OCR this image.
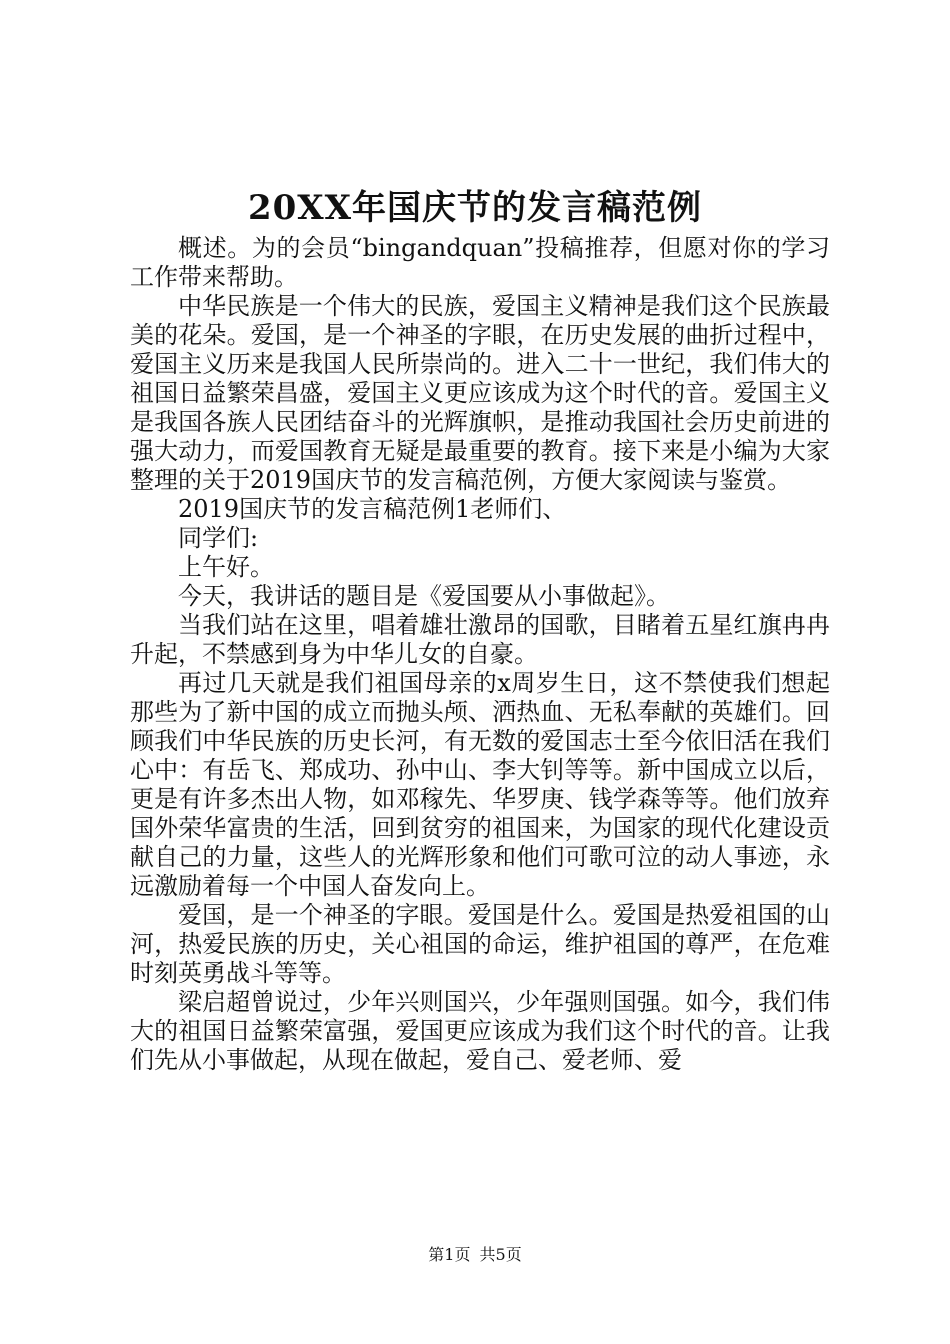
20XX年国庆节的发言稿范例

概述。为的会员“bingandquan”投稿推荐，但愿对你的学习工作带来帮助。

中华民族是一个伟大的民族，爱国主义精神是我们这个民族最美的花朵。爱国，是一个神圣的字眼，在历史发展的曲折过程中，爱国主义历来是我国人民所崇尚的。进入二十一世纪，我们伟大的祖国日益繁荣昌盛，爱国主义更应该成为这个时代的音。爱国主义是我国各族人民团结奋斗的光辉旗帜，是推动我国社会历史前进的强大动力，而爱国教育无疑是最重要的教育。接下来是小编为大家整理的关于2019国庆节的发言稿范例，方便大家阅读与鉴赏。

2019国庆节的发言稿范例1老师们、

同学们:

上午好。

今天，我讲话的题目是《爱国要从小事做起》。

当我们站在这里，唱着雄壮激昂的国歌，目睹着五星红旗冉冉升起，不禁感到身为中华儿女的自豪。

再过几天就是我们祖国母亲的x周岁生日，这不禁使我们想起那些为了新中国的成立而抛头颅、洒热血、无私奉献的英雄们。回顾我们中华民族的历史长河，有无数的爱国志士至今依旧活在我们心中：有岳飞、郑成功、孙中山、李大钊等等。新中国成立以后，更是有许多杰出人物，如邓稼先、华罗庚、钱学森等等。他们放弃国外荣华富贵的生活，回到贫穷的祖国来，为国家的现代化建设贡献自己的力量，这些人的光辉形象和他们可歌可泣的动人事迹，永远激励着每一个中国人奋发向上。

爱国，是一个神圣的字眼。爱国是什么。爱国是热爱祖国的山河，热爱民族的历史，关心祖国的命运，维护祖国的尊严，在危难时刻英勇战斗等等。

梁启超曾说过，少年兴则国兴，少年强则国强。如今，我们伟大的祖国日益繁荣富强，爱国更应该成为我们这个时代的音。让我们先从小事做起，从现在做起，爱自己、爱老师、爱

第1页 共5页
